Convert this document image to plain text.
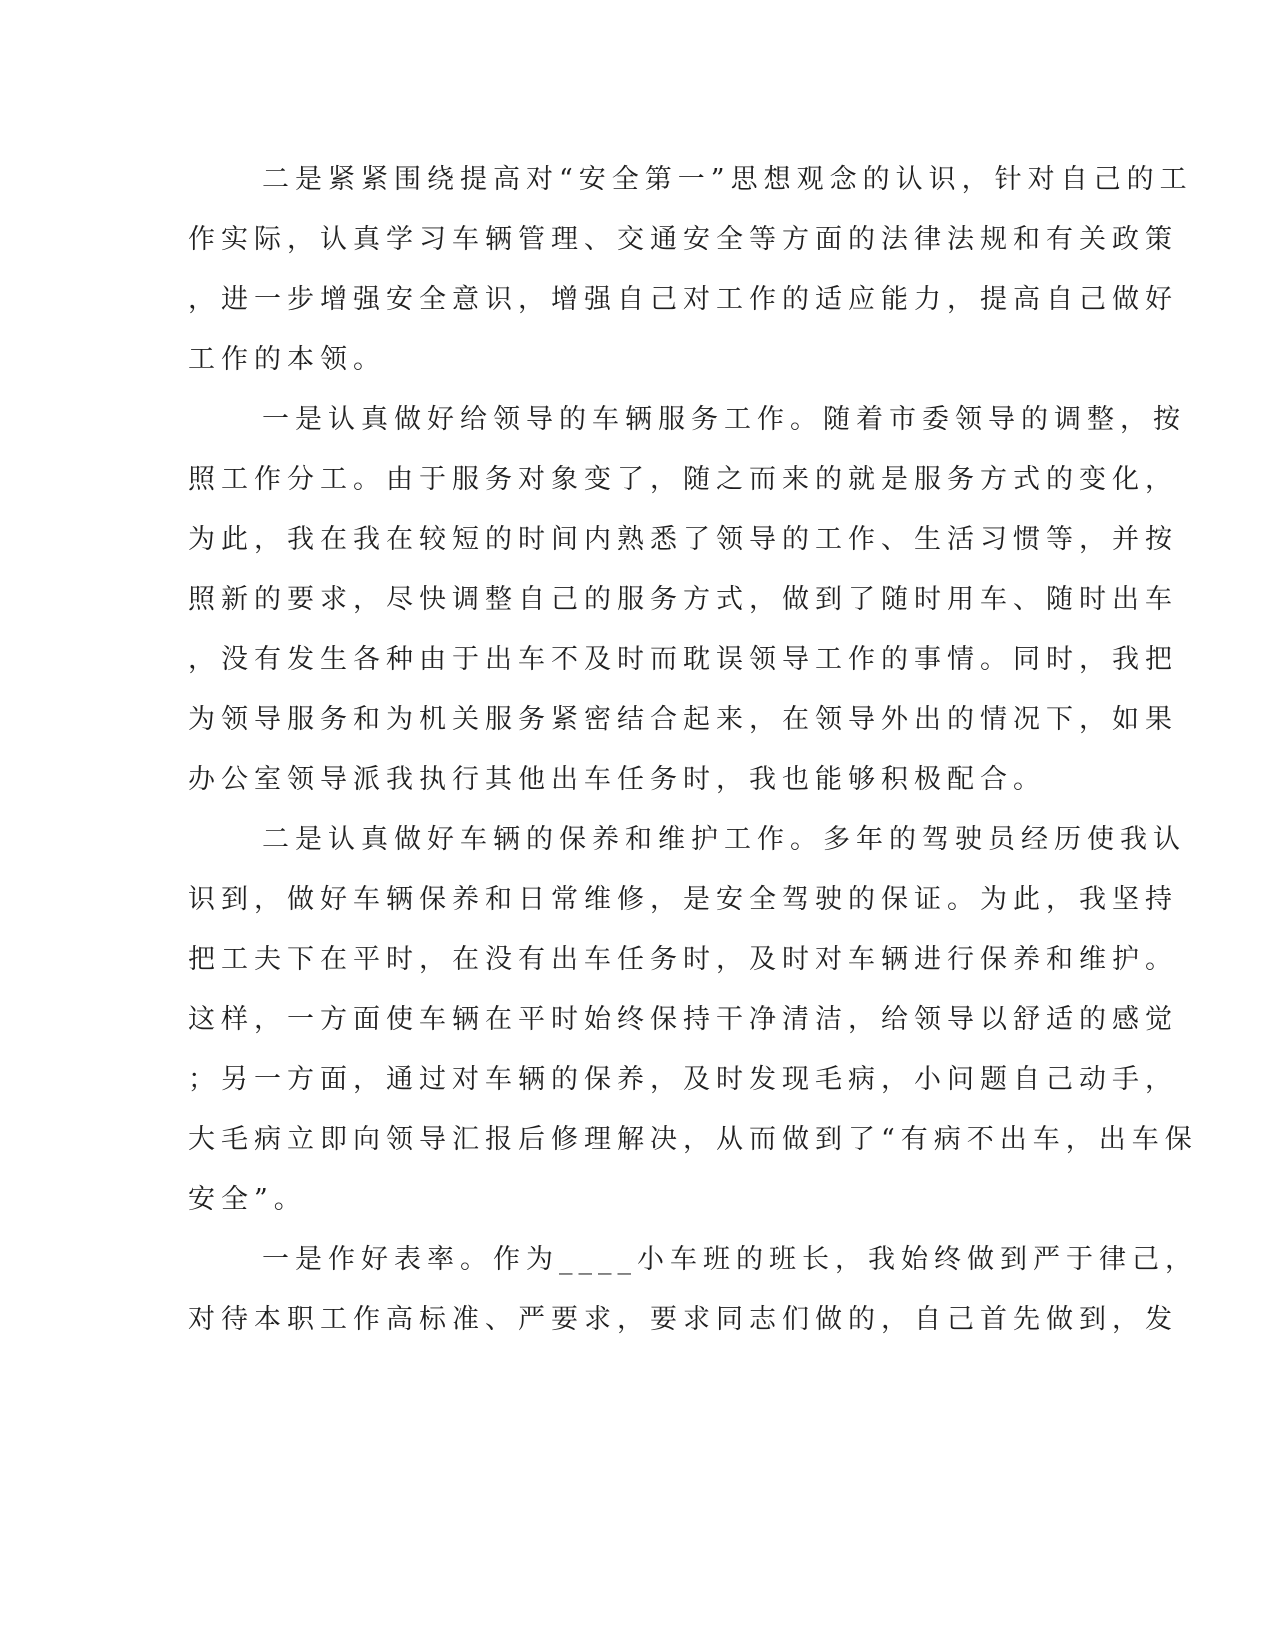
二是紧紧围绕提高对“安全第一”思想观念的认识，针对自己的工
作实际，认真学习车辆管理、交通安全等方面的法律法规和有关政策
，进一步增强安全意识，增强自己对工作的适应能力，提高自己做好
工作的本领。
一是认真做好给领导的车辆服务工作。随着市委领导的调整，按
照工作分工。由于服务对象变了，随之而来的就是服务方式的变化，
为此，我在我在较短的时间内熟悉了领导的工作、生活习惯等，并按
照新的要求，尽快调整自己的服务方式，做到了随时用车、随时出车
，没有发生各种由于出车不及时而耽误领导工作的事情。同时，我把
为领导服务和为机关服务紧密结合起来，在领导外出的情况下，如果
办公室领导派我执行其他出车任务时，我也能够积极配合。
二是认真做好车辆的保养和维护工作。多年的驾驶员经历使我认
识到，做好车辆保养和日常维修，是安全驾驶的保证。为此，我坚持
把工夫下在平时，在没有出车任务时，及时对车辆进行保养和维护。
这样，一方面使车辆在平时始终保持干净清洁，给领导以舒适的感觉
；另一方面，通过对车辆的保养，及时发现毛病，小问题自己动手，
大毛病立即向领导汇报后修理解决，从而做到了“有病不出车，出车保
安全”。
一是作好表率。作为____小车班的班长，我始终做到严于律己，
对待本职工作高标准、严要求，要求同志们做的，自己首先做到，发
